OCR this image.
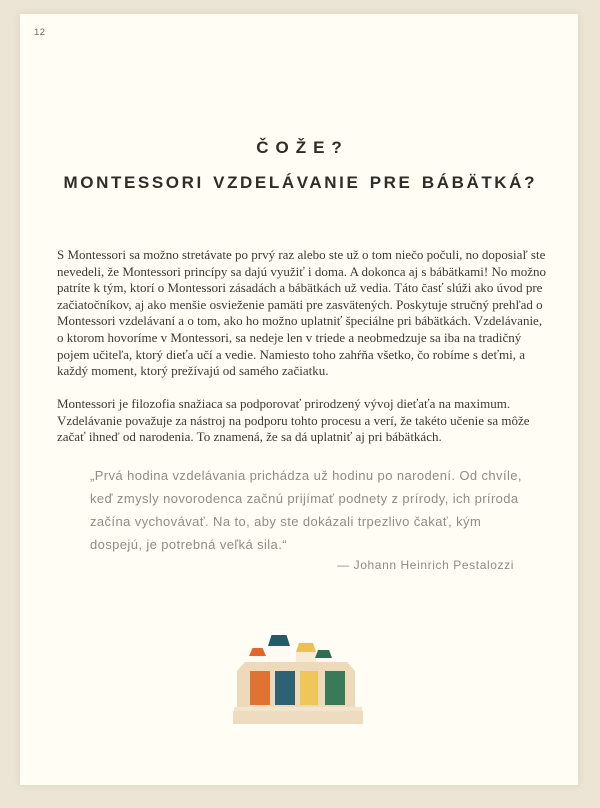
12
ČOŽE?
MONTESSORI VZDELÁVANIE PRE BÁBÄTKÁ?

S Montessori sa možno stretávate po prvý raz alebo ste už o tom niečo počuli, no doposiaľ ste nevedeli, že Montessori princípy sa dajú využiť i doma. A dokonca aj s bábätkami! No možno patríte k tým, ktorí o Montessori zásadách a bábätkách už vedia. Táto časť slúži ako úvod pre začiatočníkov, aj ako menšie osvieženie pamäti pre zasvätených. Poskytuje stručný prehľad o Montessori vzdelávaní a o tom, ako ho možno uplatniť špeciálne pri bábätkách. Vzdelávanie, o ktorom hovoríme v Montessori, sa nedeje len v triede a neobmedzuje sa iba na tradičný pojem učiteľa, ktorý dieťa učí a vedie. Namiesto toho zahŕňa všetko, čo robíme s deťmi, a každý moment, ktorý prežívajú od samého začiatku.

Montessori je filozofia snažiaca sa podporovať prirodzený vývoj dieťaťa na maximum. Vzdelávanie považuje za nástroj na podporu tohto procesu a verí, že takéto učenie sa môže začať ihneď od narodenia. To znamená, že sa dá uplatniť aj pri bábätkách.

„Prvá hodina vzdelávania prichádza už hodinu po narodení. Od chvíle, keď zmysly novorodenca začnú prijímať podnety z prírody, ich príroda začína vychovávať. Na to, aby ste dokázali trpezlivo čakať, kým dospejú, je potrebná veľká sila.“

— Johann Heinrich Pestalozzi
